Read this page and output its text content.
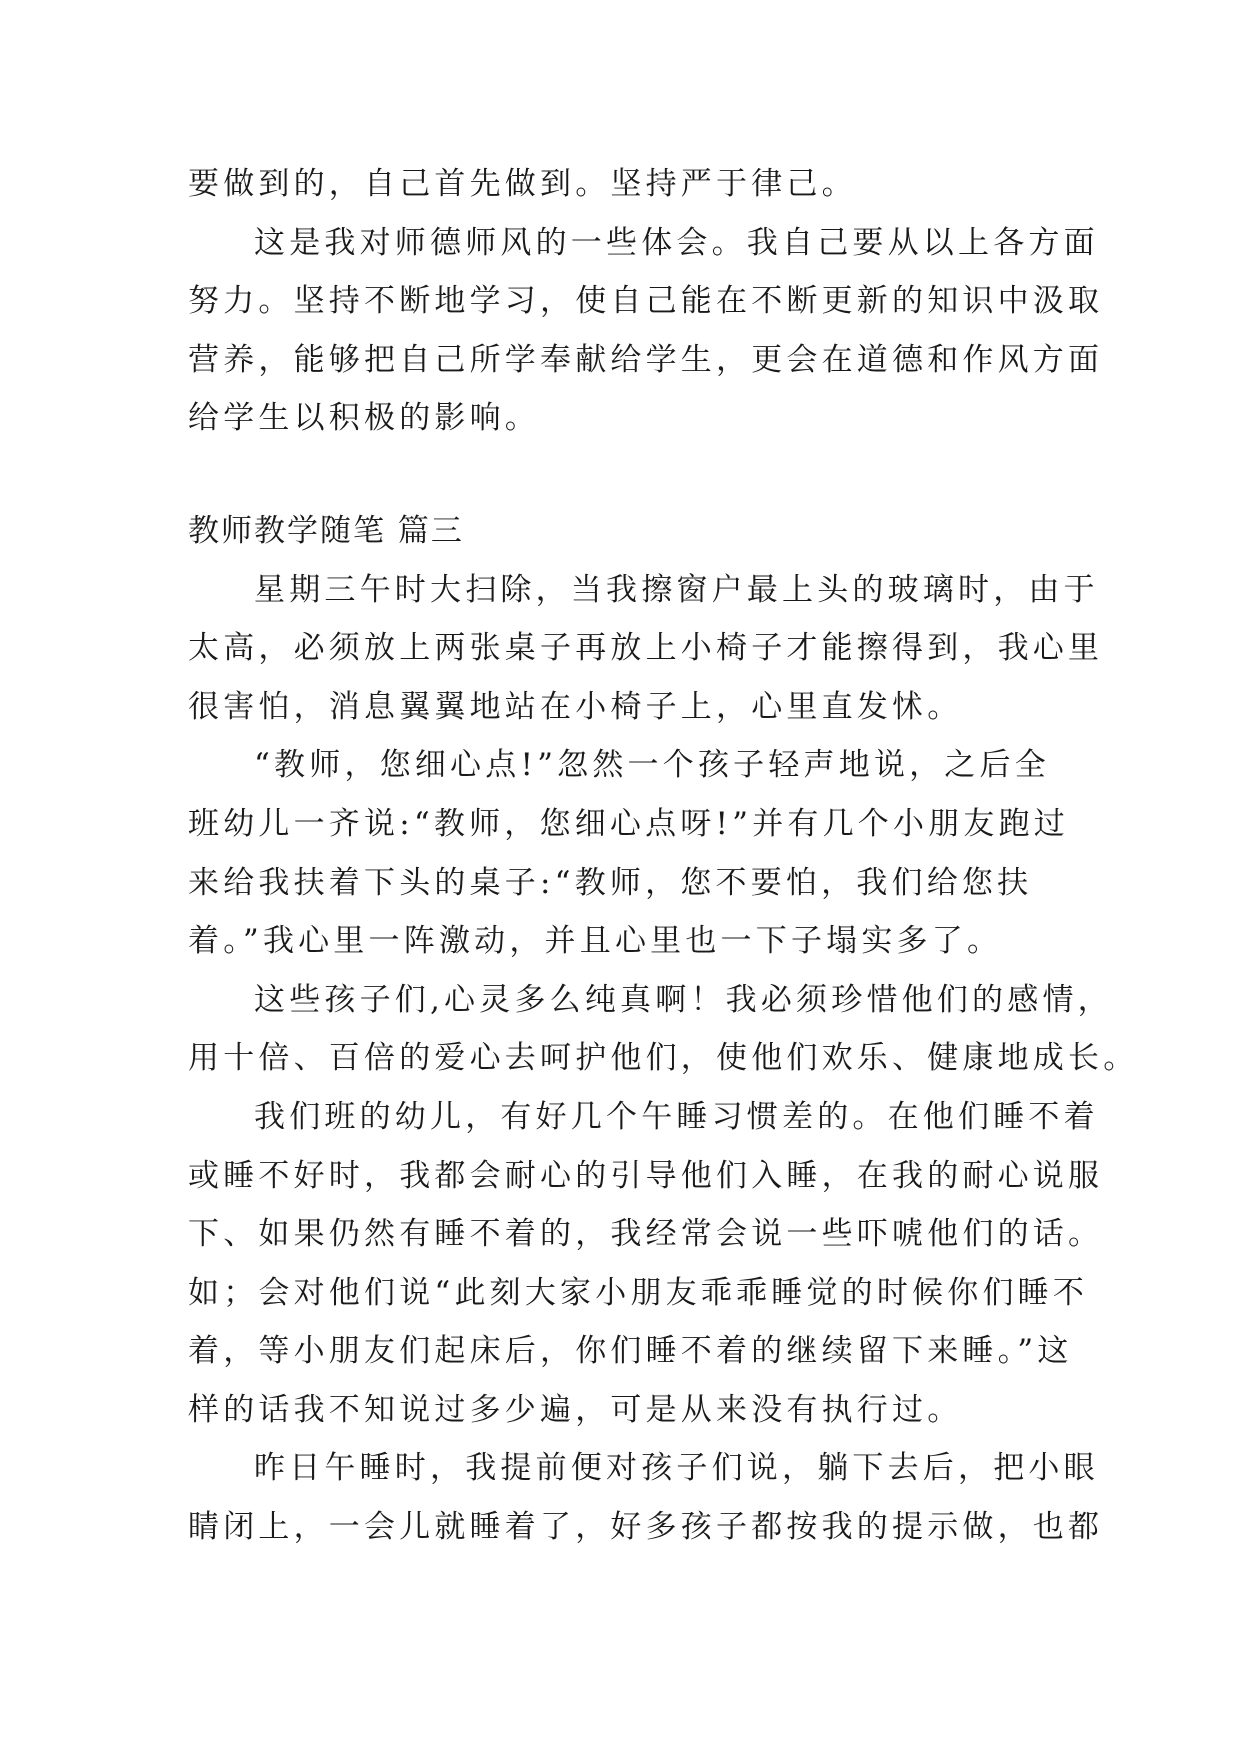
要做到的，自己首先做到。坚持严于律己。
这是我对师德师风的一些体会。我自己要从以上各方面
努力。坚持不断地学习，使自己能在不断更新的知识中汲取
营养，能够把自己所学奉献给学生，更会在道德和作风方面
给学生以积极的影响。
教师教学随笔 篇三
星期三午时大扫除，当我擦窗户最上头的玻璃时，由于
太高，必须放上两张桌子再放上小椅子才能擦得到，我心里
很害怕，消息翼翼地站在小椅子上，心里直发怵。
“教师，您细心点!”忽然一个孩子轻声地说，之后全
班幼儿一齐说:“教师，您细心点呀!”并有几个小朋友跑过
来给我扶着下头的桌子:“教师，您不要怕，我们给您扶
着。”我心里一阵激动，并且心里也一下子塌实多了。
这些孩子们,心灵多么纯真啊！我必须珍惜他们的感情，
用十倍、百倍的爱心去呵护他们，使他们欢乐、健康地成长。
我们班的幼儿，有好几个午睡习惯差的。在他们睡不着
或睡不好时，我都会耐心的引导他们入睡，在我的耐心说服
下、如果仍然有睡不着的，我经常会说一些吓唬他们的话。
如；会对他们说“此刻大家小朋友乖乖睡觉的时候你们睡不
着，等小朋友们起床后，你们睡不着的继续留下来睡。”这
样的话我不知说过多少遍，可是从来没有执行过。
昨日午睡时，我提前便对孩子们说，躺下去后，把小眼
睛闭上，一会儿就睡着了，好多孩子都按我的提示做，也都
